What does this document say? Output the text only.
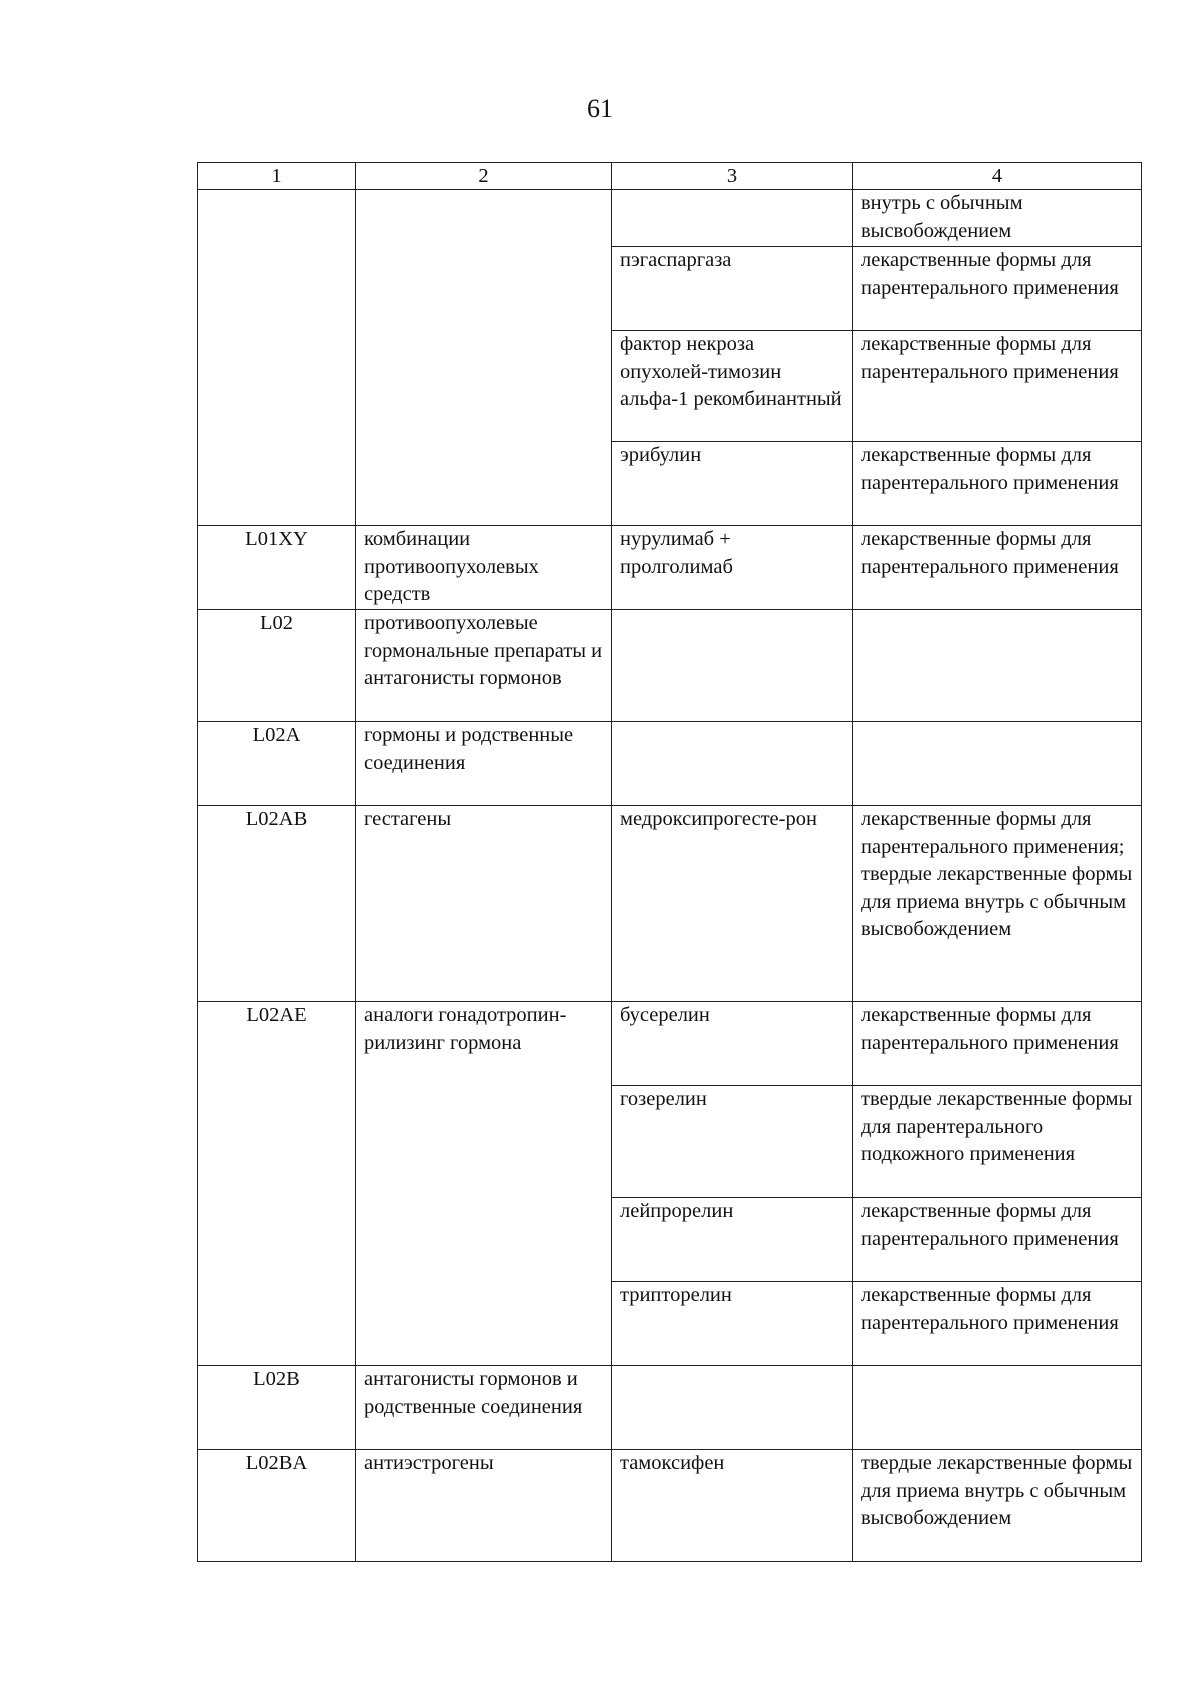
61
1	2	3	4
			внутрь с обычным высвобождением
		пэгаспаргаза	лекарственные формы для парентерального применения
		фактор некроза опухолей-тимозин альфа-1 рекомбинантный	лекарственные формы для парентерального применения
		эрибулин	лекарственные формы для парентерального применения
L01XY	комбинации противоопухолевых средств	нурулимаб + пролголимаб	лекарственные формы для парентерального применения
L02	противоопухолевые гормональные препараты и антагонисты гормонов		
L02A	гормоны и родственные соединения		
L02AB	гестагены	медроксипрогесте-рон	лекарственные формы для парентерального применения; твердые лекарственные формы для приема внутрь с обычным высвобождением
L02AE	аналоги гонадотропин-рилизинг гормона	бусерелин	лекарственные формы для парентерального применения
		гозерелин	твердые лекарственные формы для парентерального подкожного применения
		лейпрорелин	лекарственные формы для парентерального применения
		трипторелин	лекарственные формы для парентерального применения
L02B	антагонисты гормонов и родственные соединения		
L02BA	антиэстрогены	тамоксифен	твердые лекарственные формы для приема внутрь с обычным высвобождением
